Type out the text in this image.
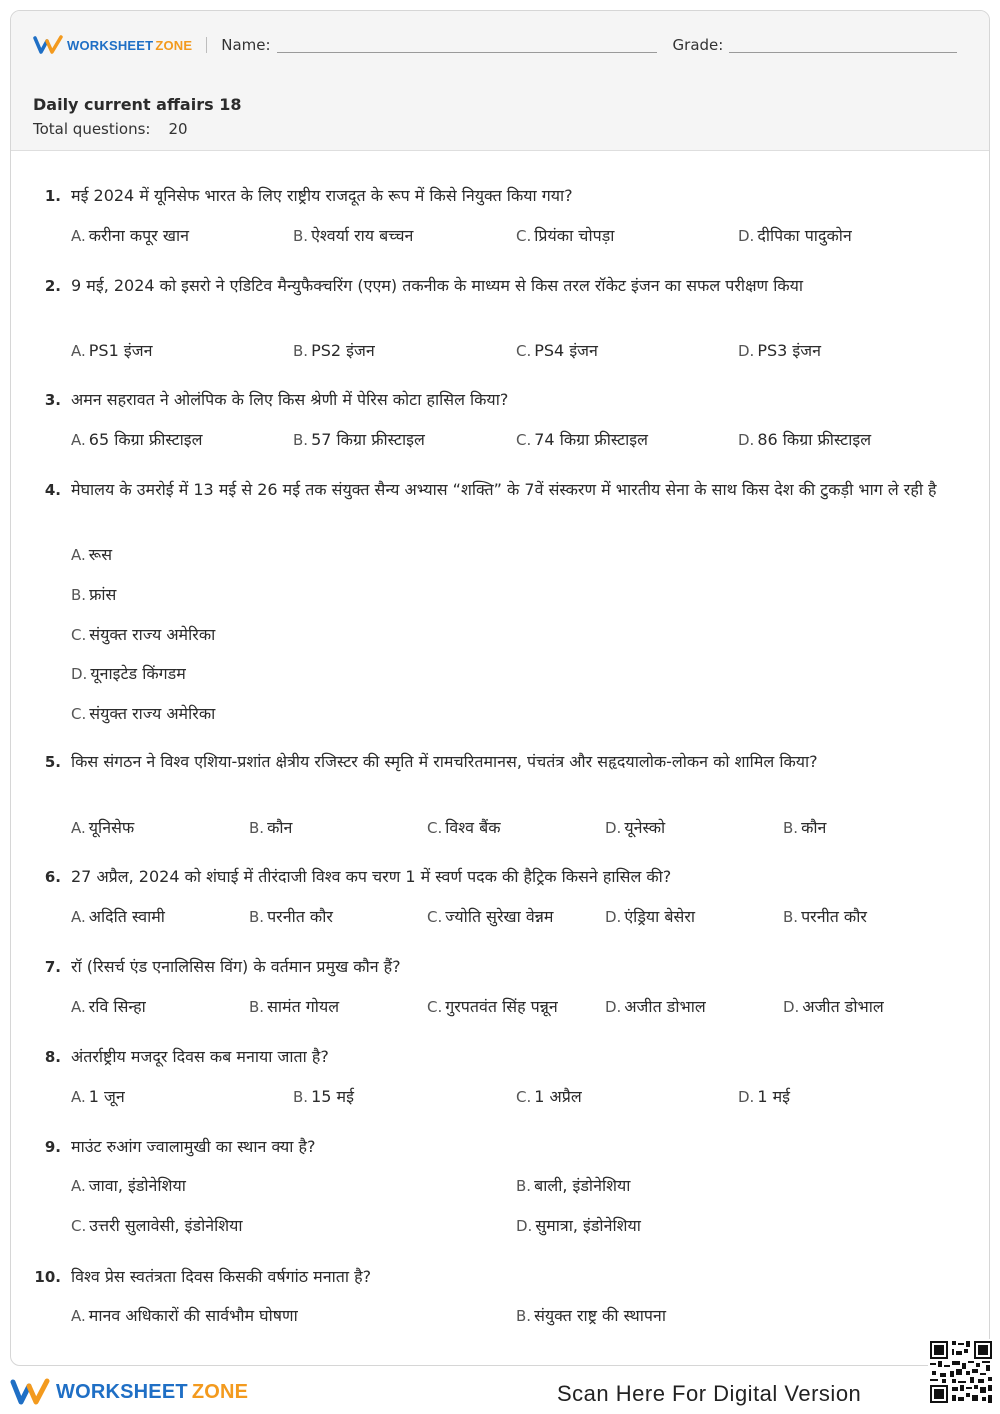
WORKSHEET ZONE Name:	Grade:
Daily current affairs 18
Total questions: 20
1. मई 2024 में यूनिसेफ भारत के लिए राष्ट्रीय राजदूत के रूप में किसे नियुक्त किया गया?
A. करीना कपूर खान	B. ऐश्वर्या राय बच्चन	C. प्रियंका चोपड़ा	D. दीपिका पादुकोन
2. 9 मई, 2024 को इसरो ने एडिटिव मैन्युफैक्चरिंग (एएम) तकनीक के माध्यम से किस तरल रॉकेट इंजन का सफल परीक्षण किया
A. PS1 इंजन	B. PS2 इंजन	C. PS4 इंजन	D. PS3 इंजन
3. अमन सहरावत ने ओलंपिक के लिए किस श्रेणी में पेरिस कोटा हासिल किया?
A. 65 किग्रा फ्रीस्टाइल	B. 57 किग्रा फ्रीस्टाइल	C. 74 किग्रा फ्रीस्टाइल	D. 86 किग्रा फ्रीस्टाइल
4. मेघालय के उमरोई में 13 मई से 26 मई तक संयुक्त सैन्य अभ्यास “शक्ति” के 7वें संस्करण में भारतीय सेना के साथ किस देश की टुकड़ी भाग ले रही है
A. रूस
B. फ्रांस
C. संयुक्त राज्य अमेरिका
D. यूनाइटेड किंगडम
C. संयुक्त राज्य अमेरिका
5. किस संगठन ने विश्व एशिया-प्रशांत क्षेत्रीय रजिस्टर की स्मृति में रामचरितमानस, पंचतंत्र और सहृदयालोक-लोकन को शामिल किया?
A. यूनिसेफ	B. कौन	C. विश्व बैंक	D. यूनेस्को	B. कौन
6. 27 अप्रैल, 2024 को शंघाई में तीरंदाजी विश्व कप चरण 1 में स्वर्ण पदक की हैट्रिक किसने हासिल की?
A. अदिति स्वामी	B. परनीत कौर	C. ज्योति सुरेखा वेन्नम	D. एंड्रिया बेसेरा	B. परनीत कौर
7. रॉ (रिसर्च एंड एनालिसिस विंग) के वर्तमान प्रमुख कौन हैं?
A. रवि सिन्हा	B. सामंत गोयल	C. गुरपतवंत सिंह पन्नून	D. अजीत डोभाल	D. अजीत डोभाल
8. अंतर्राष्ट्रीय मजदूर दिवस कब मनाया जाता है?
A. 1 जून	B. 15 मई	C. 1 अप्रैल	D. 1 मई
9. माउंट रुआंग ज्वालामुखी का स्थान क्या है?
A. जावा, इंडोनेशिया	B. बाली, इंडोनेशिया
C. उत्तरी सुलावेसी, इंडोनेशिया	D. सुमात्रा, इंडोनेशिया
10. विश्व प्रेस स्वतंत्रता दिवस किसकी वर्षगांठ मनाता है?
A. मानव अधिकारों की सार्वभौम घोषणा	B. संयुक्त राष्ट्र की स्थापना
WORKSHEET ZONE	Scan Here For Digital Version
